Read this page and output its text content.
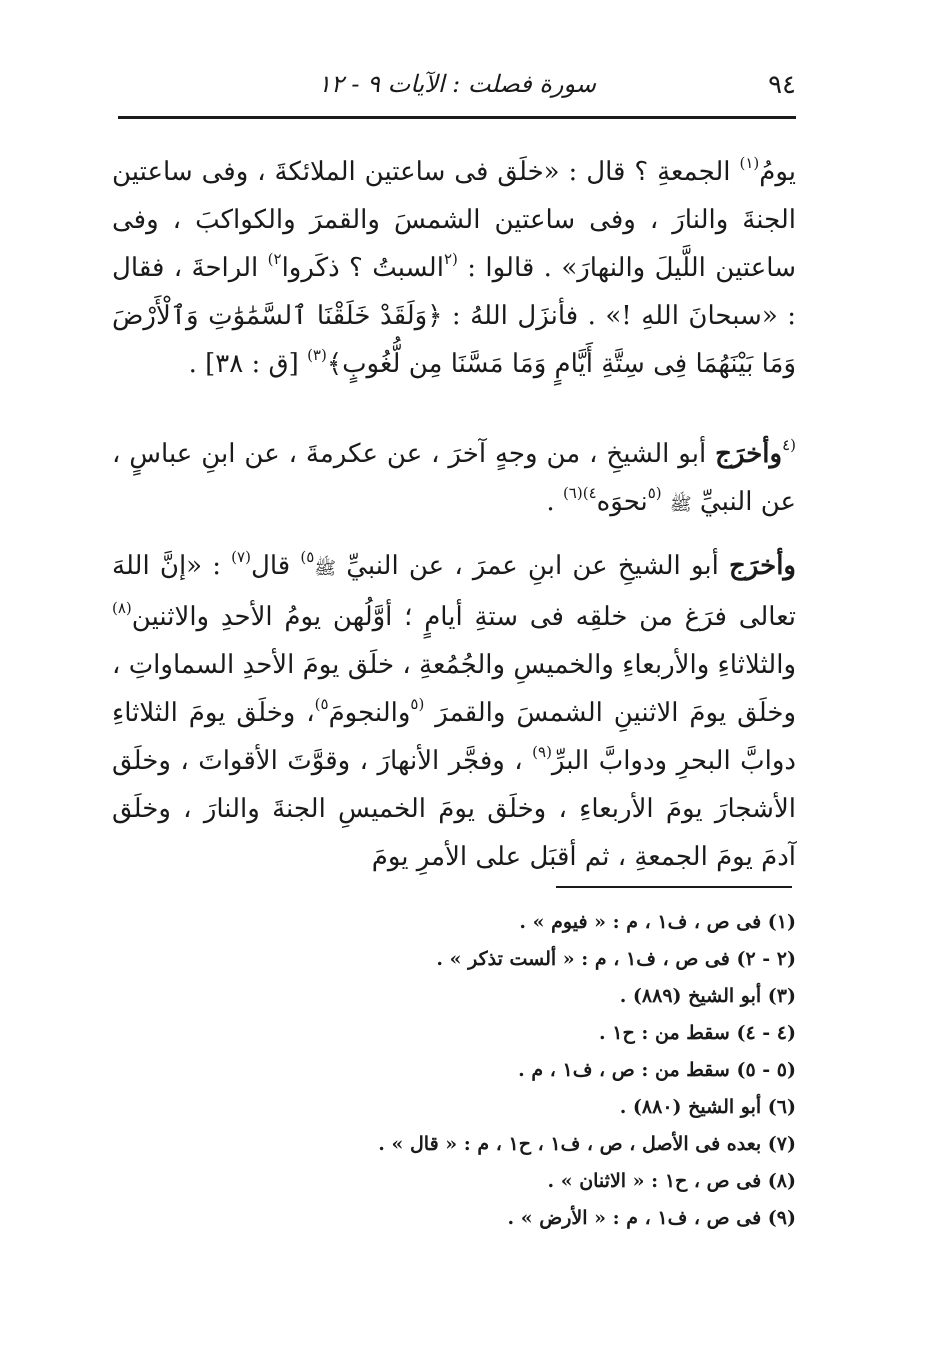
٩٤
سورة فصلت : الآيات ٩ - ١٢

يومُ$^{(١)}$ الجمعةِ ؟ قال : «خلَق فى ساعتين الملائكةَ ، وفى ساعتين الجنةَ والنارَ ، وفى ساعتين الشمسَ والقمرَ والكواكبَ ، وفى ساعتين اللَّيلَ والنهارَ» . قالوا : $^{(٢}$السبتُ ؟ ذكَروا$^{٢)}$ الراحةَ ، فقال : «سبحانَ اللهِ !» . فأنزَل اللهُ : ﴿وَلَقَدْ خَلَقْنَا ٱلسَّمَٰوَٰتِ وَٱلْأَرْضَ وَمَا بَيْنَهُمَا فِى سِتَّةِ أَيَّامٍ وَمَا مَسَّنَا مِن لُّغُوبٍ﴾$^{(٣)}$ [ق : ٣٨] .

$^{(٤}$وأخرَج أبو الشيخِ ، من وجهٍ آخرَ ، عن عكرمةَ ، عن ابنِ عباسٍ ، عن النبيِّ ﷺ $^{(٥}$نحوَه$^{٤)(٦)}$ .

وأخرَج أبو الشيخِ عن ابنِ عمرَ ، عن النبيِّ ﷺ$^{٥)}$ قال$^{(٧)}$ : «إنَّ اللهَ تعالى فرَغ من خلقِه فى ستةِ أيامٍ ؛ أوَّلُهن يومُ الأحدِ والاثنين$^{(٨)}$ والثلاثاءِ والأربعاءِ والخميسِ والجُمُعةِ ، خلَق يومَ الأحدِ السماواتِ ، وخلَق يومَ الاثنينِ الشمسَ والقمرَ $^{(٥}$والنجومَ$^{٥)}$، وخلَق يومَ الثلاثاءِ دوابَّ البحرِ ودوابَّ البرِّ$^{(٩)}$ ، وفجَّر الأنهارَ ، وقوَّتَ الأقواتَ ، وخلَق الأشجارَ يومَ الأربعاءِ ، وخلَق يومَ الخميسِ الجنةَ والنارَ ، وخلَق آدمَ يومَ الجمعةِ ، ثم أقبَل على الأمرِ يومَ

(١) فى ص ، ف١ ، م : « فيوم » .

(٢ - ٢) فى ص ، ف١ ، م : « ألست تذكر » .

(٣) أبو الشيخ (٨٨٩) .

(٤ - ٤) سقط من : ح١ .

(٥ - ٥) سقط من : ص ، ف١ ، م .

(٦) أبو الشيخ (٨٨٠) .

(٧) بعده فى الأصل ، ص ، ف١ ، ح١ ، م : « قال » .

(٨) فى ص ، ح١ : « الاثنان » .

(٩) فى ص ، ف١ ، م : « الأرض » .
